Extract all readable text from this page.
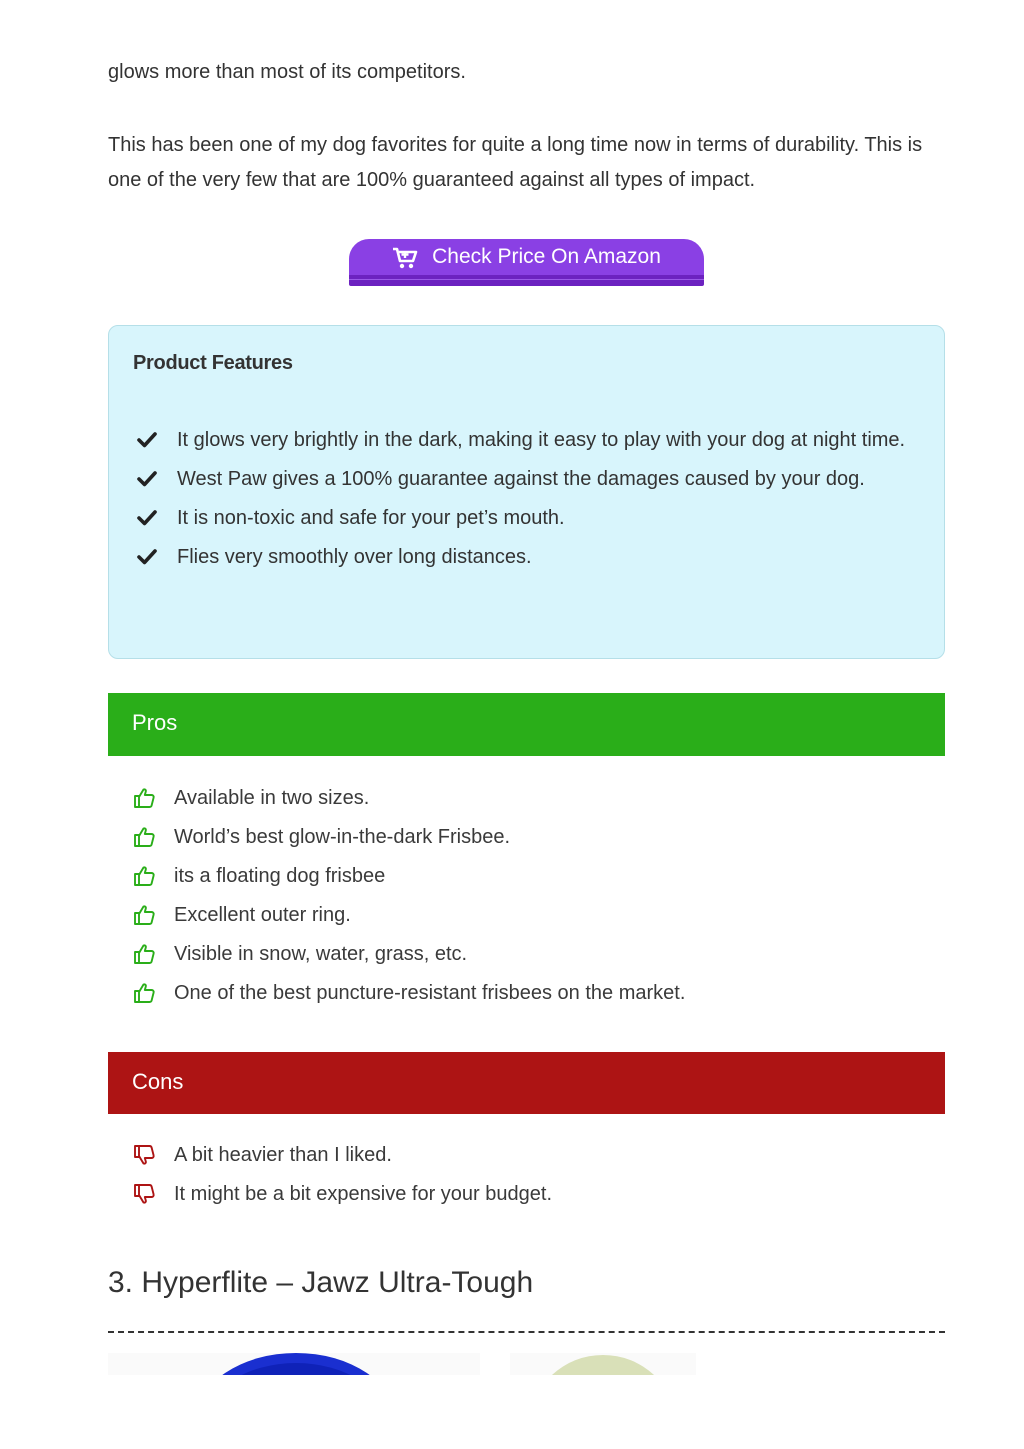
glows more than most of its competitors.

This has been one of my dog favorites for quite a long time now in terms of durability. This is one of the very few that are 100% guaranteed against all types of impact.

Check Price On Amazon
Product Features
It glows very brightly in the dark, making it easy to play with your dog at night time.
West Paw gives a 100% guarantee against the damages caused by your dog.
It is non-toxic and safe for your pet’s mouth.
Flies very smoothly over long distances.
Pros
Available in two sizes.
World’s best glow-in-the-dark Frisbee.
its a floating dog frisbee
Excellent outer ring.
Visible in snow, water, grass, etc.
One of the best puncture-resistant frisbees on the market.
Cons
A bit heavier than I liked.
It might be a bit expensive for your budget.
3. Hyperflite – Jawz Ultra-Tough
